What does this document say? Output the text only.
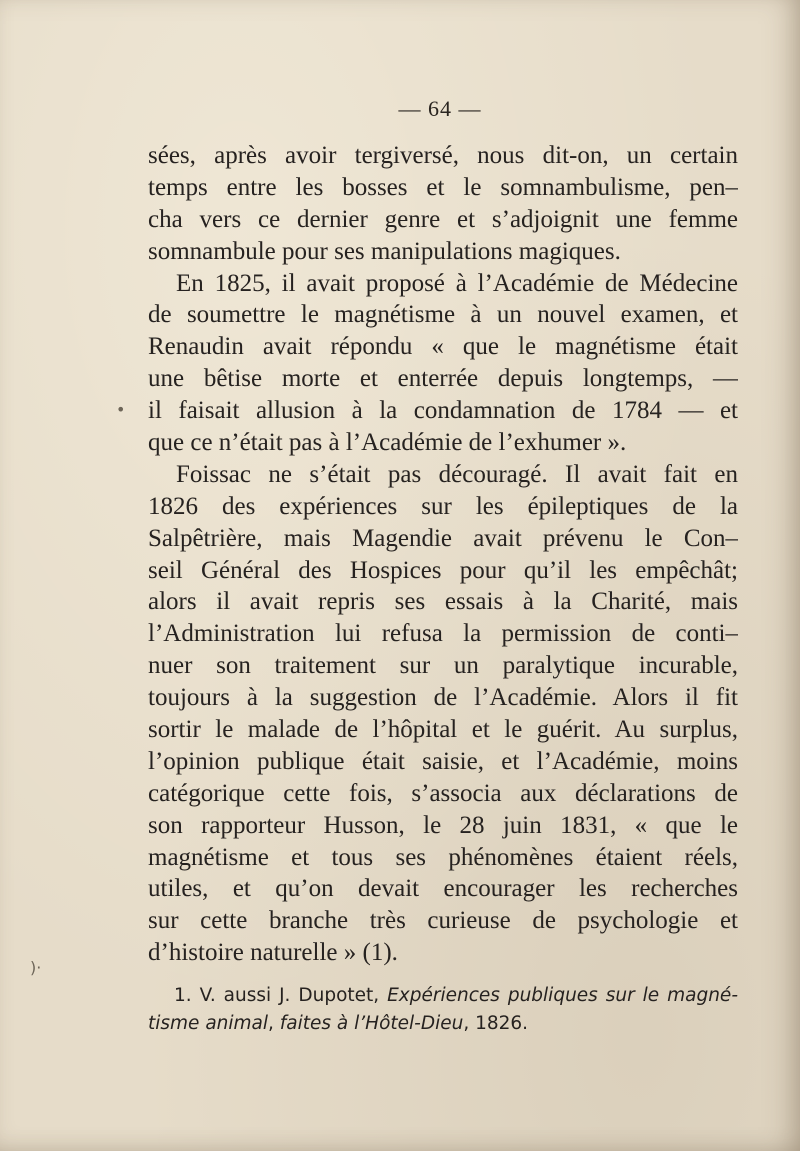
— 64 —
sées, après avoir tergiversé, nous dit-on, un certain
temps entre les bosses et le somnambulisme, pen–
cha vers ce dernier genre et s’adjoignit une femme
somnambule pour ses manipulations magiques.
En 1825, il avait proposé à l’Académie de Médecine
de soumettre le magnétisme à un nouvel examen, et
Renaudin avait répondu « que le magnétisme était
une bêtise morte et enterrée depuis longtemps, —
il faisait allusion à la condamnation de 1784 — et
que ce n’était pas à l’Académie de l’exhumer ».
Foissac ne s’était pas découragé. Il avait fait en
1826 des expériences sur les épileptiques de la
Salpêtrière, mais Magendie avait prévenu le Con–
seil Général des Hospices pour qu’il les empêchât;
alors il avait repris ses essais à la Charité, mais
l’Administration lui refusa la permission de conti–
nuer son traitement sur un paralytique incurable,
toujours à la suggestion de l’Académie. Alors il fit
sortir le malade de l’hôpital et le guérit. Au surplus,
l’opinion publique était saisie, et l’Académie, moins
catégorique cette fois, s’associa aux déclarations de
son rapporteur Husson, le 28 juin 1831, « que le
magnétisme et tous ses phénomènes étaient réels,
utiles, et qu’on devait encourager les recherches
sur cette branche très curieuse de psychologie et
d’histoire naturelle » (1).
1. V. aussi J. Dupotet, Expériences publiques sur le magné-
tisme animal, faites à l’Hôtel-Dieu, 1826.
•
)·
